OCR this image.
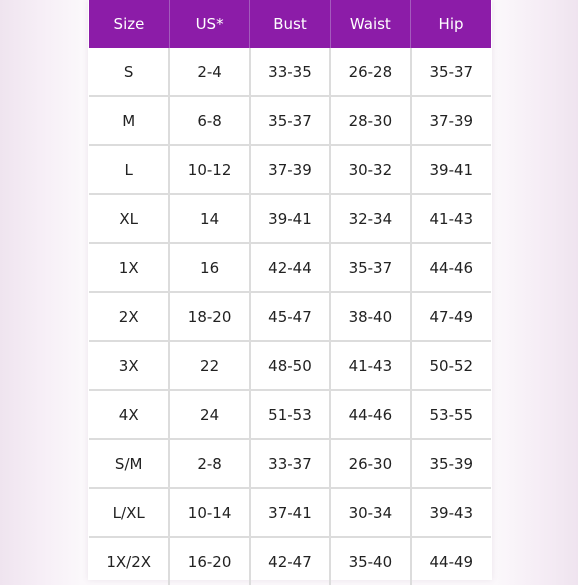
Size	US*	Bust	Waist	Hip
S	2-4	33-35	26-28	35-37
M	6-8	35-37	28-30	37-39
L	10-12	37-39	30-32	39-41
XL	14	39-41	32-34	41-43
1X	16	42-44	35-37	44-46
2X	18-20	45-47	38-40	47-49
3X	22	48-50	41-43	50-52
4X	24	51-53	44-46	53-55
S/M	2-8	33-37	26-30	35-39
L/XL	10-14	37-41	30-34	39-43
1X/2X	16-20	42-47	35-40	44-49
